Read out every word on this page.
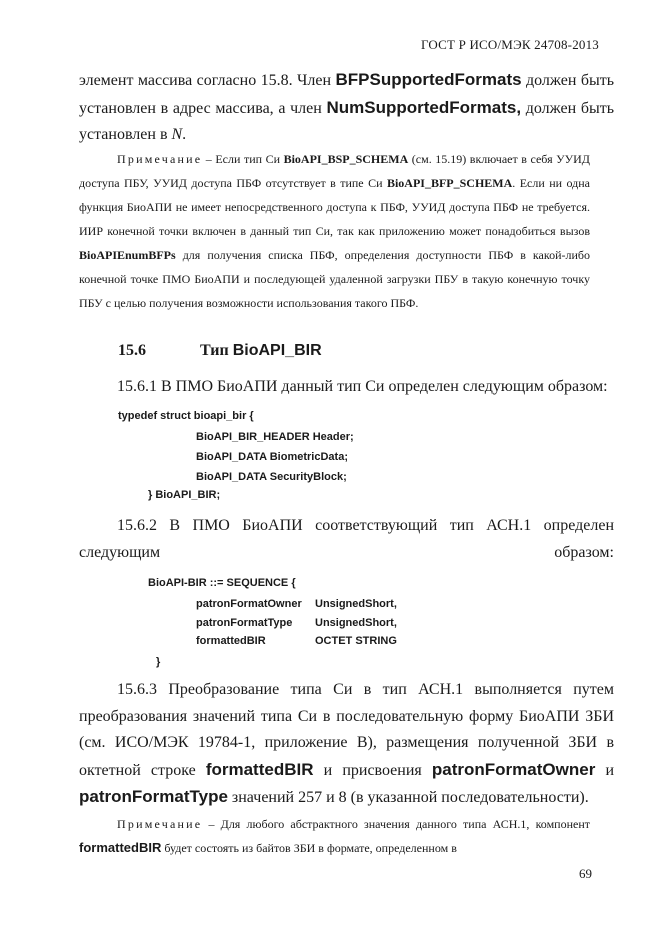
ГОСТ Р ИСО/МЭК 24708-2013
элемент массива согласно 15.8. Член BFPSupportedFormats должен быть установлен в адрес массива, а член NumSupportedFormats, должен быть установлен в N.
Примечание – Если тип Си BioAPI_BSP_SCHEMA (см. 15.19) включает в себя УУИД доступа ПБУ, УУИД доступа ПБФ отсутствует в типе Си BioAPI_BFP_SCHEMA. Если ни одна функция БиоАПИ не имеет непосредственного доступа к ПБФ, УУИД доступа ПБФ не требуется. ИИР конечной точки включен в данный тип Си, так как приложению может понадобиться вызов BioAPIEnumBFPs для получения списка ПБФ, определения доступности ПБФ в какой-либо конечной точке ПМО БиоАПИ и последующей удаленной загрузки ПБУ в такую конечную точку ПБУ с целью получения возможности использования такого ПБФ.
15.6	Тип BioAPI_BIR
15.6.1 В ПМО БиоАПИ данный тип Си определен следующим образом:
typedef struct bioapi_bir {
BioAPI_BIR_HEADER Header;
BioAPI_DATA BiometricData;
BioAPI_DATA SecurityBlock;
} BioAPI_BIR;
15.6.2 В ПМО БиоАПИ соответствующий тип АСН.1 определен следующим образом:
BioAPI-BIR ::= SEQUENCE {
patronFormatOwner UnsignedShort,
patronFormatType UnsignedShort,
formattedBIR	OCTET STRING
}
15.6.3 Преобразование типа Си в тип АСН.1 выполняется путем преобразования значений типа Си в последовательную форму БиоАПИ ЗБИ (см. ИСО/МЭК 19784-1, приложение В), размещения полученной ЗБИ в октетной строке formattedBIR и присвоения patronFormatOwner и patronFormatType значений 257 и 8 (в указанной последовательности).
Примечание – Для любого абстрактного значения данного типа АСН.1, компонент formattedBIR будет состоять из байтов ЗБИ в формате, определенном в
69
